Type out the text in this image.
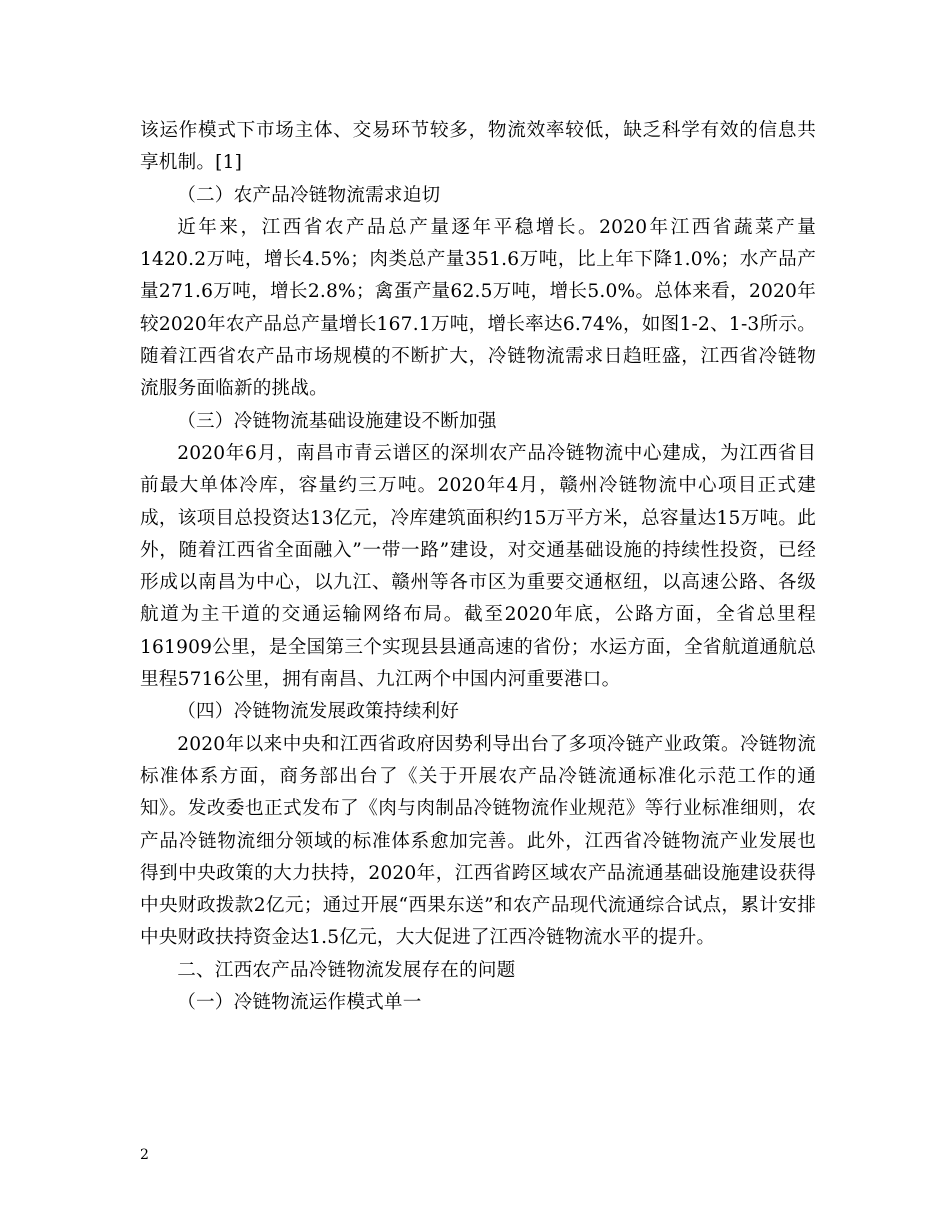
该运作模式下市场主体、交易环节较多，物流效率较低，缺乏科学有效的信息共享机制。[1]

（二）农产品冷链物流需求迫切

近年来，江西省农产品总产量逐年平稳增长。2020年江西省蔬菜产量1420.2万吨，增长4.5%；肉类总产量351.6万吨，比上年下降1.0%；水产品产量271.6万吨，增长2.8%；禽蛋产量62.5万吨，增长5.0%。总体来看，2020年较2020年农产品总产量增长167.1万吨，增长率达6.74%，如图1-2、1-3所示。随着江西省农产品市场规模的不断扩大，冷链物流需求日趋旺盛，江西省冷链物流服务面临新的挑战。

（三）冷链物流基础设施建设不断加强

2020年6月，南昌市青云谱区的深圳农产品冷链物流中心建成，为江西省目前最大单体冷库，容量约三万吨。2020年4月，赣州冷链物流中心项目正式建成，该项目总投资达13亿元，冷库建筑面积约15万平方米，总容量达15万吨。此外，随着江西省全面融入”一带一路”建设，对交通基础设施的持续性投资，已经形成以南昌为中心，以九江、赣州等各市区为重要交通枢纽，以高速公路、各级航道为主干道的交通运输网络布局。截至2020年底，公路方面，全省总里程161909公里，是全国第三个实现县县通高速的省份；水运方面，全省航道通航总里程5716公里，拥有南昌、九江两个中国内河重要港口。

（四）冷链物流发展政策持续利好

2020年以来中央和江西省政府因势利导出台了多项冷链产业政策。冷链物流标准体系方面，商务部出台了《关于开展农产品冷链流通标准化示范工作的通知》。发改委也正式发布了《肉与肉制品冷链物流作业规范》等行业标准细则，农产品冷链物流细分领域的标准体系愈加完善。此外，江西省冷链物流产业发展也得到中央政策的大力扶持，2020年，江西省跨区域农产品流通基础设施建设获得中央财政拨款2亿元；通过开展“西果东送”和农产品现代流通综合试点，累计安排中央财政扶持资金达1.5亿元，大大促进了江西冷链物流水平的提升。

二、江西农产品冷链物流发展存在的问题

（一）冷链物流运作模式单一

2
